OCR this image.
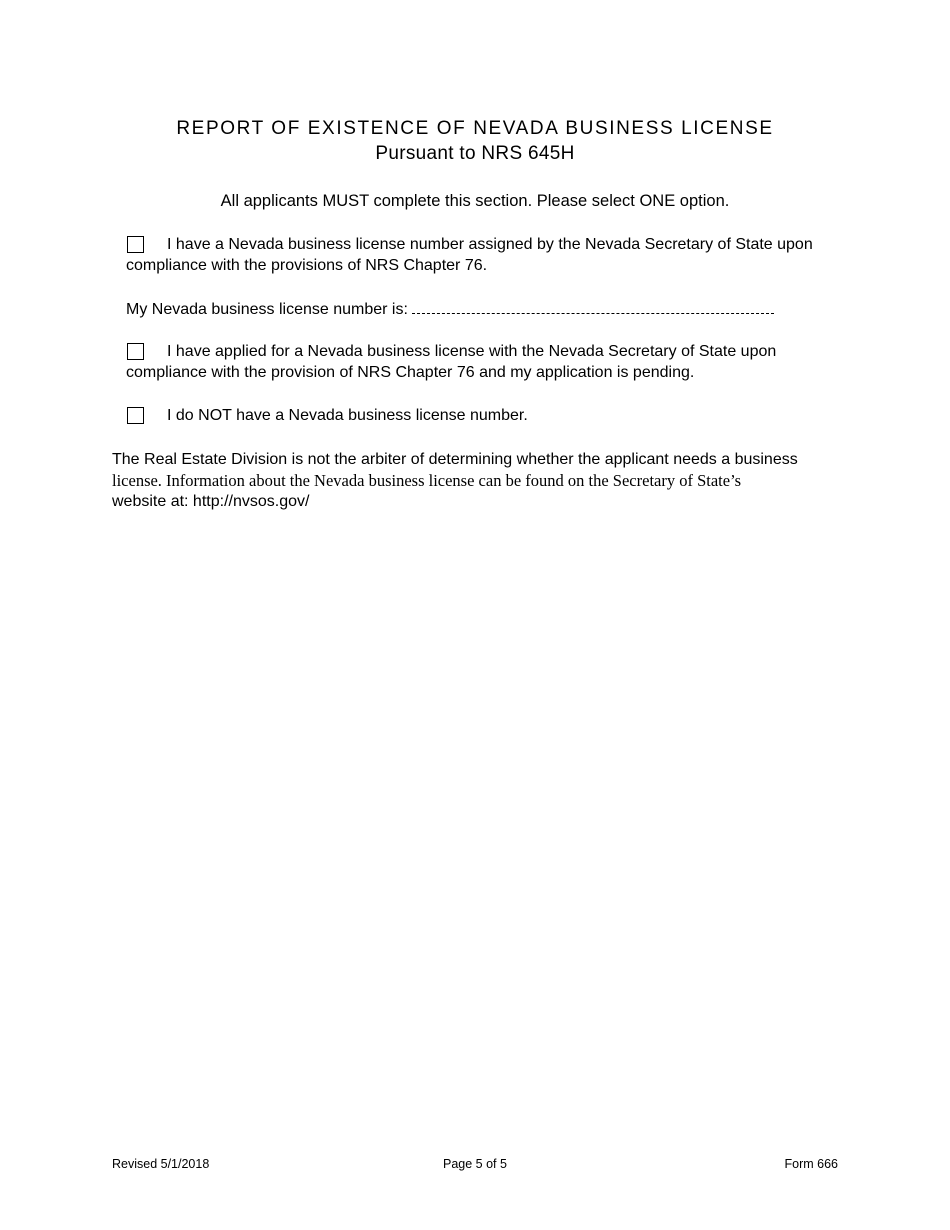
REPORT OF EXISTENCE OF NEVADA BUSINESS LICENSE
Pursuant to NRS 645H
All applicants MUST complete this section. Please select ONE option.

I have a Nevada business license number assigned by the Nevada Secretary of State upon compliance with the provisions of NRS Chapter 76.

My Nevada business license number is:

I have applied for a Nevada business license with the Nevada Secretary of State upon compliance with the provision of NRS Chapter 76 and my application is pending.

I do NOT have a Nevada business license number.

The Real Estate Division is not the arbiter of determining whether the applicant needs a business
license. Information about the Nevada business license can be found on the Secretary of State’s
website at: http://nvsos.gov/
Revised 5/1/2018	Page 5 of 5	Form 666
